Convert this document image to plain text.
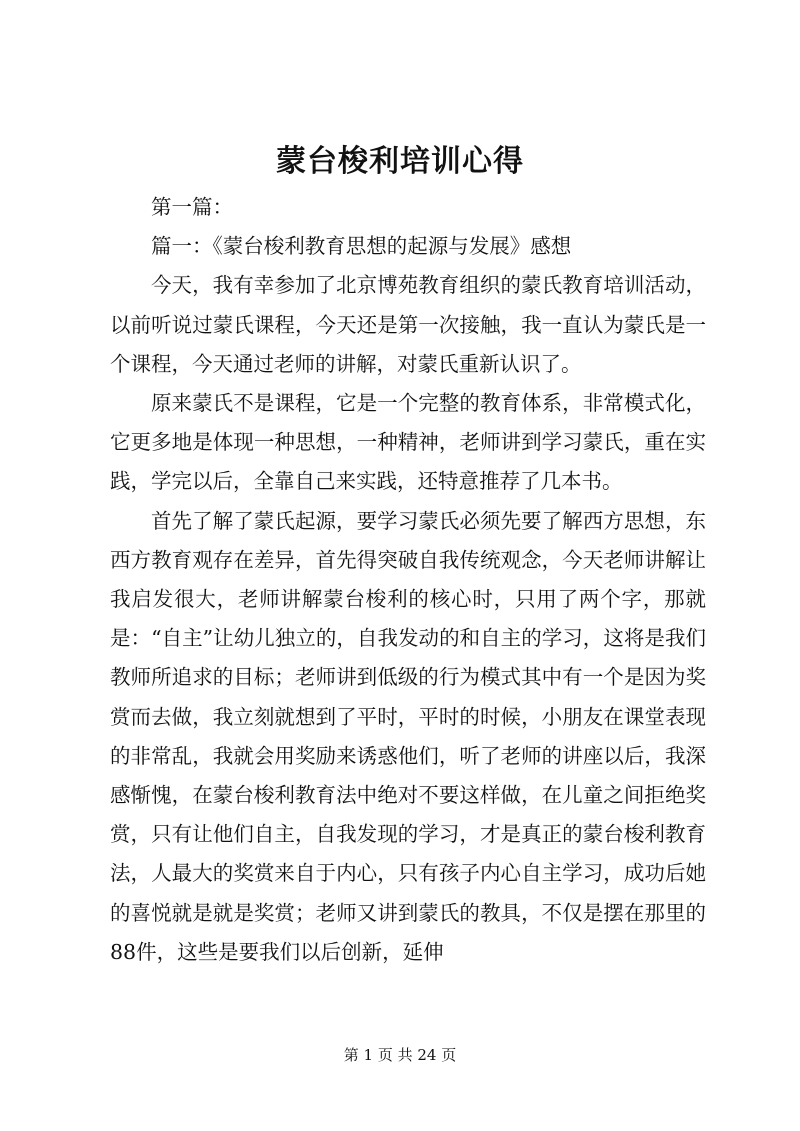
蒙台梭利培训心得

第一篇：

篇一：《蒙台梭利教育思想的起源与发展》感想

今天，我有幸参加了北京博苑教育组织的蒙氏教育培训活动，以前听说过蒙氏课程，今天还是第一次接触，我一直认为蒙氏是一个课程，今天通过老师的讲解，对蒙氏重新认识了。

原来蒙氏不是课程，它是一个完整的教育体系，非常模式化，它更多地是体现一种思想，一种精神，老师讲到学习蒙氏，重在实践，学完以后，全靠自己来实践，还特意推荐了几本书。

首先了解了蒙氏起源，要学习蒙氏必须先要了解西方思想，东西方教育观存在差异，首先得突破自我传统观念，今天老师讲解让我启发很大，老师讲解蒙台梭利的核心时，只用了两个字，那就是：“自主”让幼儿独立的，自我发动的和自主的学习，这将是我们教师所追求的目标；老师讲到低级的行为模式其中有一个是因为奖赏而去做，我立刻就想到了平时，平时的时候，小朋友在课堂表现的非常乱，我就会用奖励来诱惑他们，听了老师的讲座以后，我深感惭愧，在蒙台梭利教育法中绝对不要这样做，在儿童之间拒绝奖赏，只有让他们自主，自我发现的学习，才是真正的蒙台梭利教育法，人最大的奖赏来自于内心，只有孩子内心自主学习，成功后她的喜悦就是就是奖赏；老师又讲到蒙氏的教具，不仅是摆在那里的88件，这些是要我们以后创新，延伸

第 1 页 共 24 页
